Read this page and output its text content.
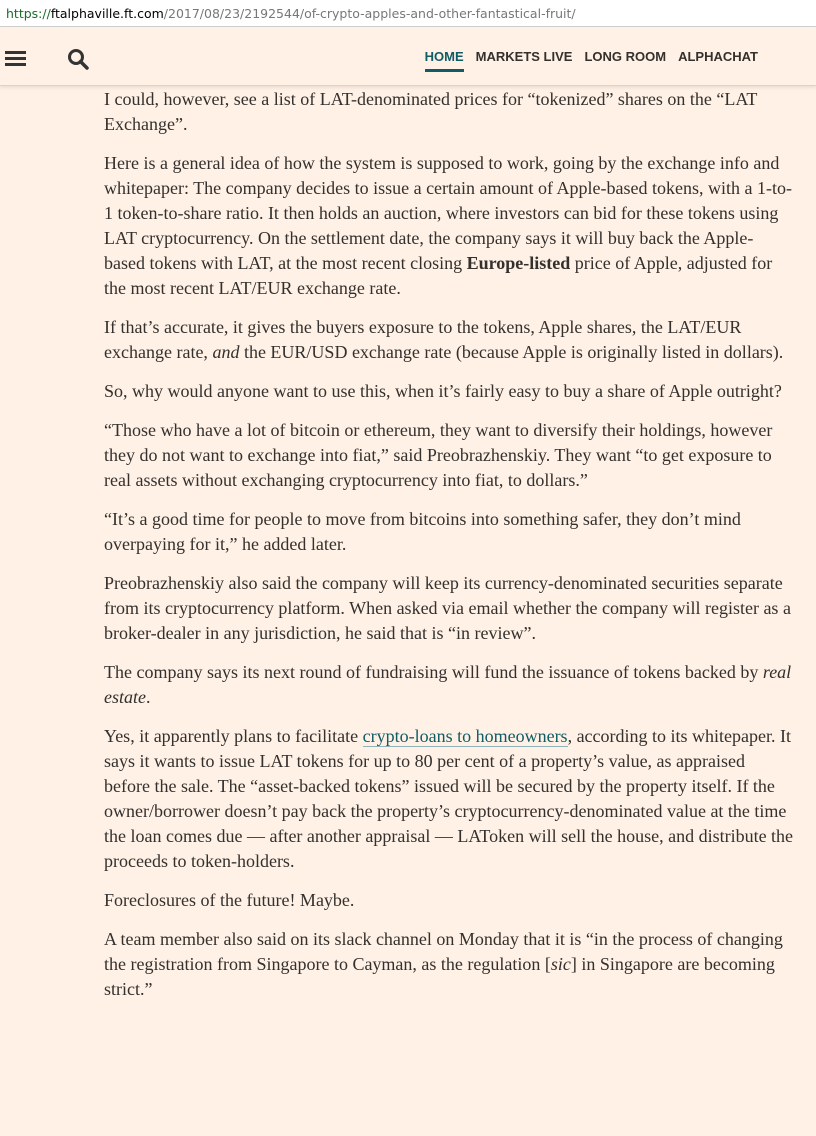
https://ftalphaville.ft.com/2017/08/23/2192544/of-crypto-apples-and-other-fantastical-fruit/
HOME MARKETS LIVE LONG ROOM ALPHACHAT

I could, however, see a list of LAT-denominated prices for “tokenized” shares on the “LAT Exchange”.

Here is a general idea of how the system is supposed to work, going by the exchange info and whitepaper: The company decides to issue a certain amount of Apple-based tokens, with a 1-to-1 token-to-share ratio. It then holds an auction, where investors can bid for these tokens using LAT cryptocurrency. On the settlement date, the company says it will buy back the Apple-based tokens with LAT, at the most recent closing Europe-listed price of Apple, adjusted for the most recent LAT/EUR exchange rate.

If that’s accurate, it gives the buyers exposure to the tokens, Apple shares, the LAT/EUR exchange rate, and the EUR/USD exchange rate (because Apple is originally listed in dollars).

So, why would anyone want to use this, when it’s fairly easy to buy a share of Apple outright?

“Those who have a lot of bitcoin or ethereum, they want to diversify their holdings, however they do not want to exchange into fiat,” said Preobrazhenskiy. They want “to get exposure to real assets without exchanging cryptocurrency into fiat, to dollars.”

“It’s a good time for people to move from bitcoins into something safer, they don’t mind overpaying for it,” he added later.

Preobrazhenskiy also said the company will keep its currency-denominated securities separate from its cryptocurrency platform. When asked via email whether the company will register as a broker-dealer in any jurisdiction, he said that is “in review”.

The company says its next round of fundraising will fund the issuance of tokens backed by real estate.

Yes, it apparently plans to facilitate crypto-loans to homeowners, according to its whitepaper. It says it wants to issue LAT tokens for up to 80 per cent of a property’s value, as appraised before the sale. The “asset-backed tokens” issued will be secured by the property itself. If the owner/borrower doesn’t pay back the property’s cryptocurrency-denominated value at the time the loan comes due — after another appraisal — LAToken will sell the house, and distribute the proceeds to token-holders.

Foreclosures of the future! Maybe.

A team member also said on its slack channel on Monday that it is “in the process of changing the registration from Singapore to Cayman, as the regulation [sic] in Singapore are becoming strict.”
